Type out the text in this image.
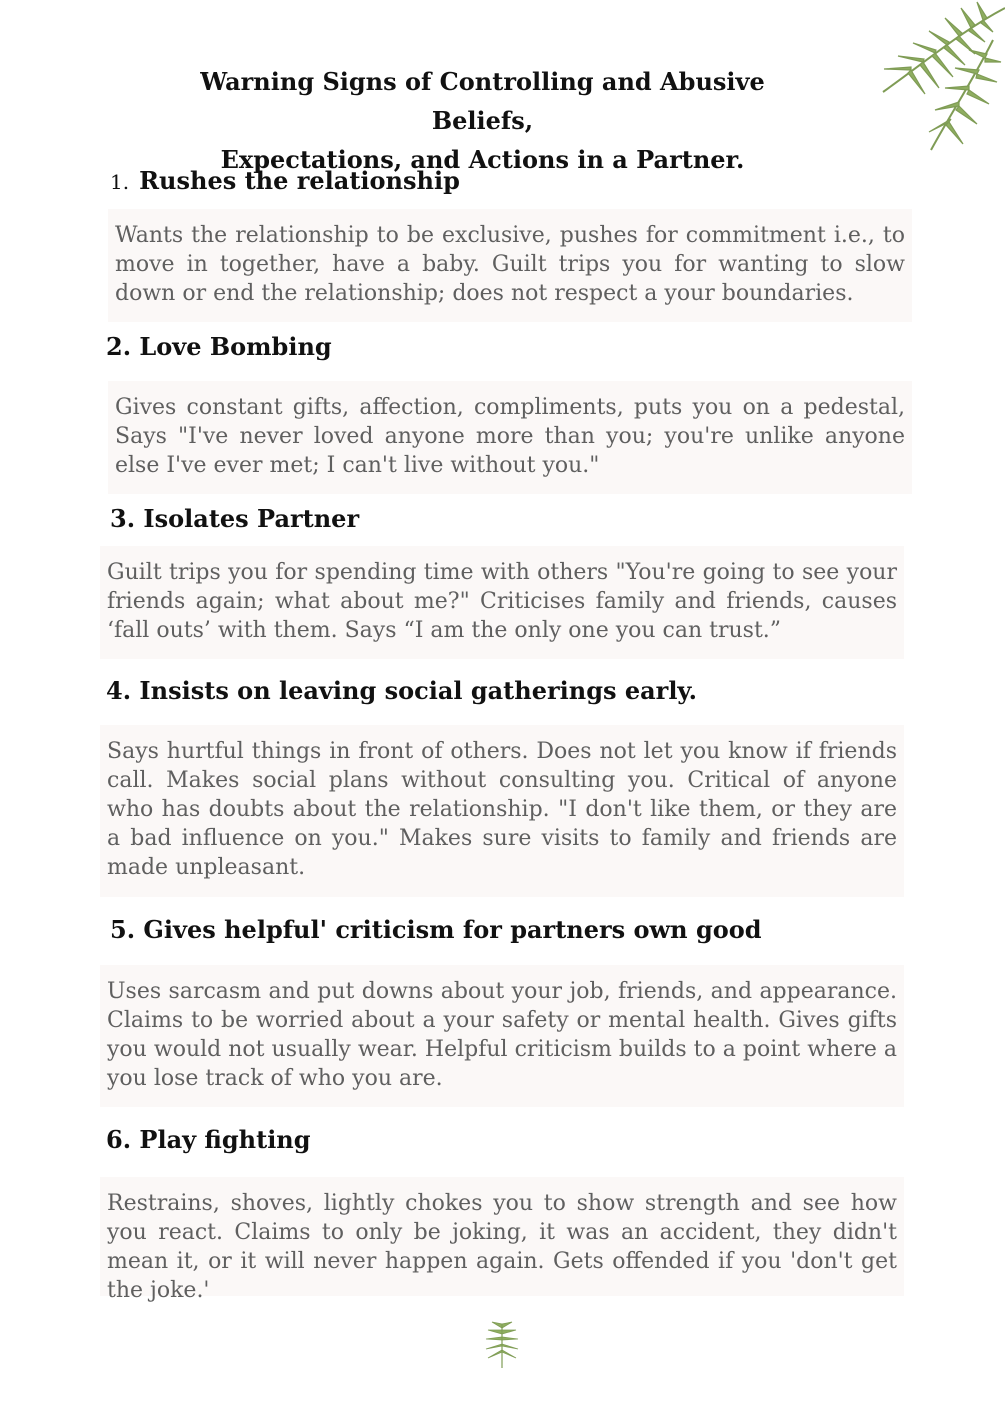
Warning Signs of Controlling and Abusive Beliefs,
Expectations, and Actions in a Partner.
1. Rushes the relationship
Wants the relationship to be exclusive, pushes for commitment i.e., to move in together, have a baby. Guilt trips you for wanting to slow down or end the relationship; does not respect a your boundaries.
2. Love Bombing
Gives constant gifts, affection, compliments, puts you on a pedestal, Says "I've never loved anyone more than you; you're unlike anyone else I've ever met; I can't live without you."
3. Isolates Partner
Guilt trips you for spending time with others "You're going to see your friends again; what about me?" Criticises family and friends, causes ‘fall outs’ with them. Says “I am the only one you can trust.”
4. Insists on leaving social gatherings early.
Says hurtful things in front of others. Does not let you know if friends call. Makes social plans without consulting you. Critical of anyone who has doubts about the relationship. "I don't like them, or they are a bad influence on you." Makes sure visits to family and friends are made unpleasant.
5. Gives helpful' criticism for partners own good
Uses sarcasm and put downs about your job, friends, and appearance. Claims to be worried about a your safety or mental health. Gives gifts you would not usually wear. Helpful criticism builds to a point where a you lose track of who you are.
6. Play fighting
Restrains, shoves, lightly chokes you to show strength and see how you react. Claims to only be joking, it was an accident, they didn't mean it, or it will never happen again. Gets offended if you 'don't get the joke.'
